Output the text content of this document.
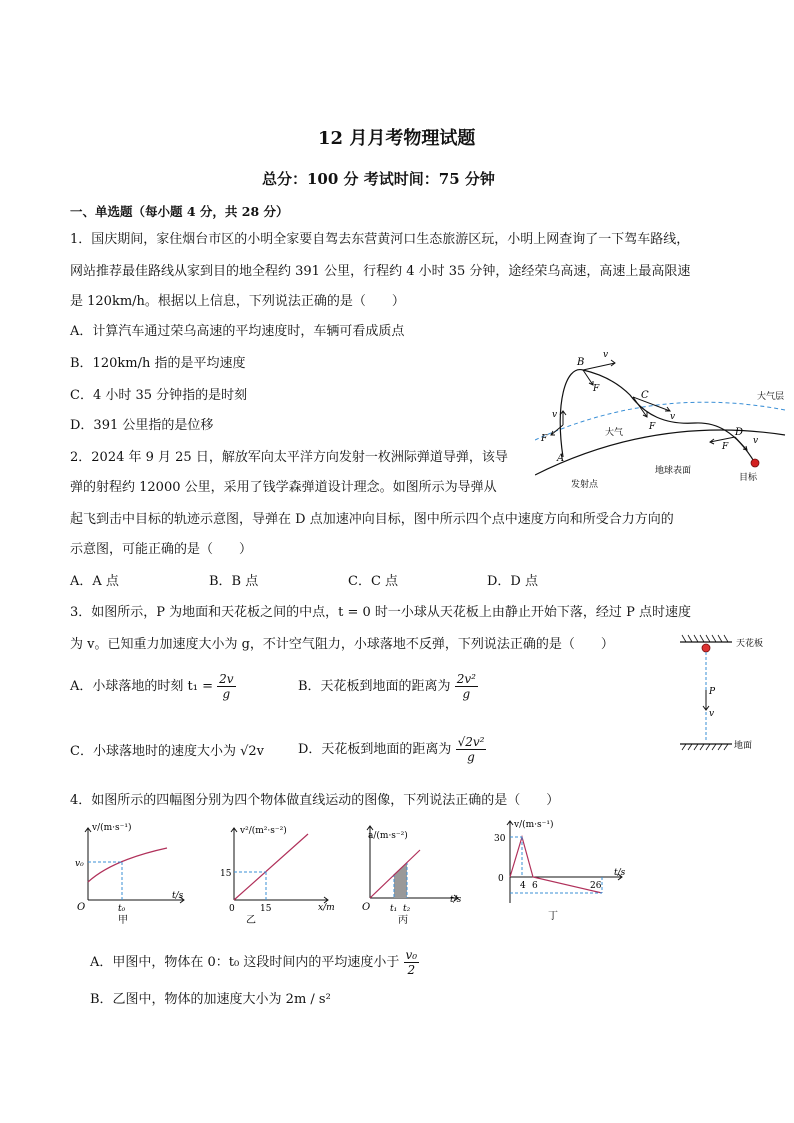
12 月月考物理试题
总分：100 分 考试时间：75 分钟
一、单选题（每小题 4 分，共 28 分）
1．国庆期间，家住烟台市区的小明全家要自驾去东营黄河口生态旅游区玩，小明上网查询了一下驾车路线，
网站推荐最佳路线从家到目的地全程约 391 公里，行程约 4 小时 35 分钟，途经荣乌高速，高速上最高限速
是 120km/h。根据以上信息，下列说法正确的是（　　）
A．计算汽车通过荣乌高速的平均速度时，车辆可看成质点
B．120km/h 指的是平均速度
C．4 小时 35 分钟指的是时刻
D．391 公里指的是位移
2．2024 年 9 月 25 日，解放军向太平洋方向发射一枚洲际弹道导弹，该导
弹的射程约 12000 公里，采用了钱学森弹道设计理念。如图所示为导弹从
起飞到击中目标的轨迹示意图，导弹在 D 点加速冲向目标，图中所示四个点中速度方向和所受合力方向的
示意图，可能正确的是（　　）
A．A 点	B．B 点	C．C 点	D．D 点
B
v
F
C
v
F
大气层
大气	D
v
F
v
F
A
地球表面
目标
发射点
3．如图所示，P 为地面和天花板之间的中点，t = 0 时一小球从天花板上由静止开始下落，经过 P 点时速度
为 v。已知重力加速度大小为 g，不计空气阻力，小球落地不反弹，下列说法正确的是（　　）
A．小球落地的时刻 $t_1 = \frac{2v}{g}$	B．天花板到地面的距离为 $\frac{\text{2v²}}{g}$
C．小球落地时的速度大小为 √2v	D．天花板到地面的距离为 $\frac{\text{√2v²}}{g}$
天花板
P
v
地面
4．如图所示的四幅图分别为四个物体做直线运动的图像，下列说法正确的是（　　）
v/(m·s⁻¹)
v₀
t₀
t/s
O
甲
v²/(m²·s⁻²)
15
15	x/m
0
乙
a/(m·s⁻²)
t₁ t₂
t/s
O
丙
v/(m·s⁻¹)
30
0
4 6	26
t/s
丁
A．甲图中，物体在 0：t₀ 这段时间内的平均速度小于 $\frac{\text{v₀}}{2}$
B．乙图中，物体的加速度大小为 2m / s²
